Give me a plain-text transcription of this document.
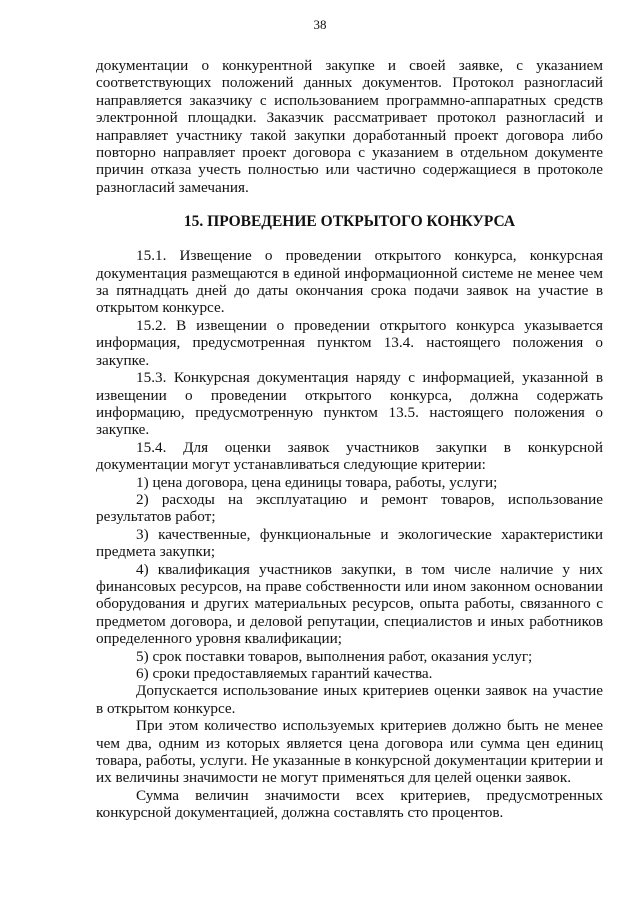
38

документации о конкурентной закупке и своей заявке, с указанием соответствующих положений данных документов. Протокол разногласий направляется заказчику с использованием программно-аппаратных средств электронной площадки. Заказчик рассматривает протокол разногласий и направляет участнику такой закупки доработанный проект договора либо повторно направляет проект договора с указанием в отдельном документе причин отказа учесть полностью или частично содержащиеся в протоколе разногласий замечания.

15. ПРОВЕДЕНИЕ ОТКРЫТОГО КОНКУРСА

15.1. Извещение о проведении открытого конкурса, конкурсная документация размещаются в единой информационной системе не менее чем за пятнадцать дней до даты окончания срока подачи заявок на участие в открытом конкурсе.

15.2. В извещении о проведении открытого конкурса указывается информация, предусмотренная пунктом 13.4. настоящего положения о закупке.

15.3. Конкурсная документация наряду с информацией, указанной в извещении о проведении открытого конкурса, должна содержать информацию, предусмотренную пунктом 13.5. настоящего положения о закупке.

15.4. Для оценки заявок участников закупки в конкурсной документации могут устанавливаться следующие критерии:

1) цена договора, цена единицы товара, работы, услуги;

2) расходы на эксплуатацию и ремонт товаров, использование результатов работ;

3) качественные, функциональные и экологические характеристики предмета закупки;

4) квалификация участников закупки, в том числе наличие у них финансовых ресурсов, на праве собственности или ином законном основании оборудования и других материальных ресурсов, опыта работы, связанного с предметом договора, и деловой репутации, специалистов и иных работников определенного уровня квалификации;

5) срок поставки товаров, выполнения работ, оказания услуг;

6) сроки предоставляемых гарантий качества.

Допускается использование иных критериев оценки заявок на участие в открытом конкурсе.

При этом количество используемых критериев должно быть не менее чем два, одним из которых является цена договора или сумма цен единиц товара, работы, услуги. Не указанные в конкурсной документации критерии и их величины значимости не могут применяться для целей оценки заявок.

Сумма величин значимости всех критериев, предусмотренных конкурсной документацией, должна составлять сто процентов.
